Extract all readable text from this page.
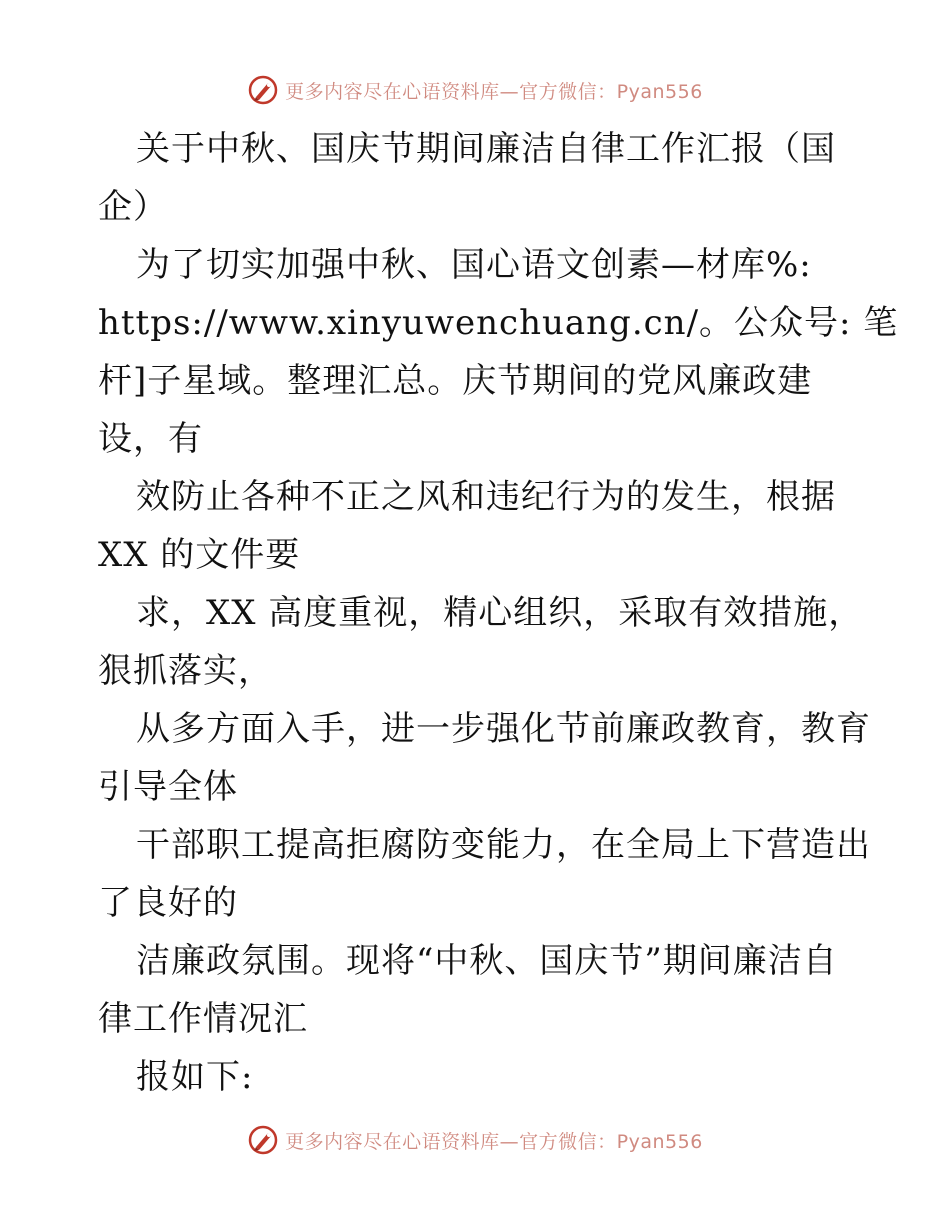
更多内容尽在心语资料库—官方微信：Pyan556
关于中秋、国庆节期间廉洁自律工作汇报（国
企）
为了切实加强中秋、国心语文创素—材库%:
https://www.xinyuwenchuang.cn/。公众号: 笔
杆]子星域。整理汇总。庆节期间的党风廉政建
设，有
效防止各种不正之风和违纪行为的发生，根据
XX 的文件要
求，XX 高度重视，精心组织，采取有效措施，
狠抓落实，
从多方面入手，进一步强化节前廉政教育，教育
引导全体
干部职工提高拒腐防变能力，在全局上下营造出
了良好的
洁廉政氛围。现将“中秋、国庆节”期间廉洁自
律工作情况汇
报如下:
更多内容尽在心语资料库—官方微信：Pyan556
